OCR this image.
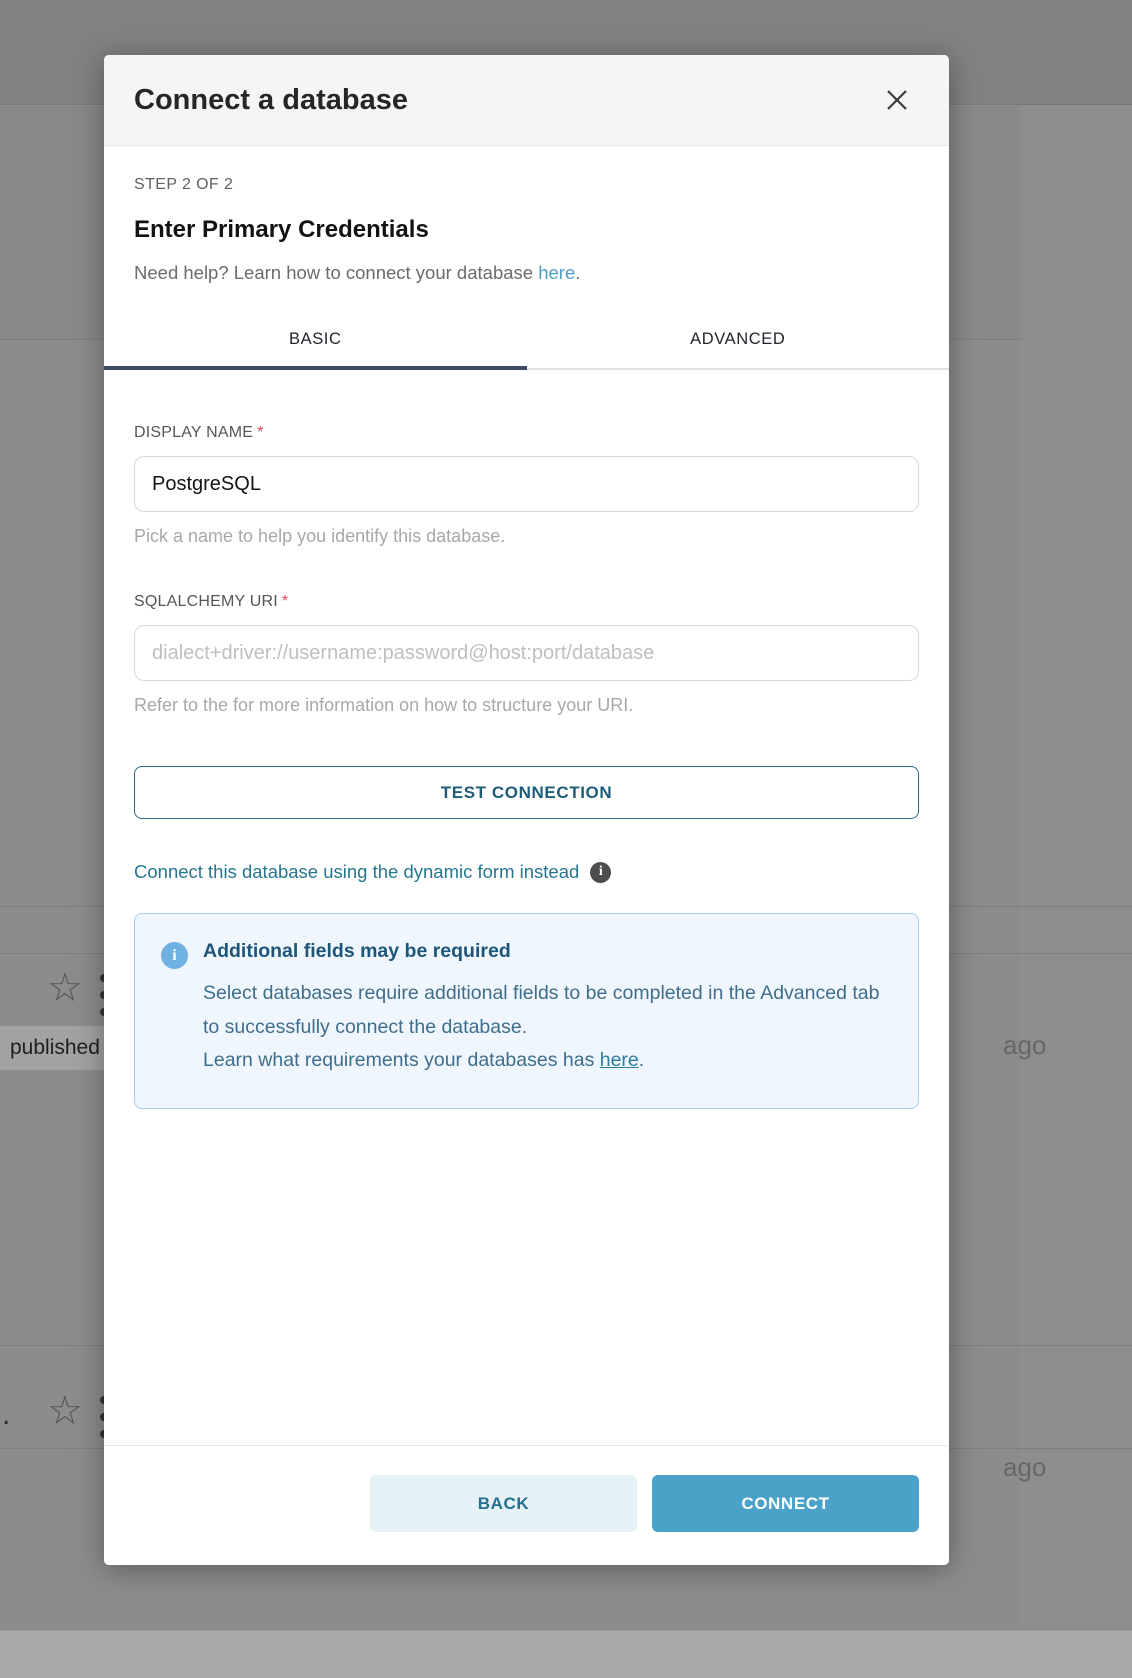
☆
published	ago
. ☆
ago
Connect a database
STEP 2 OF 2
Enter Primary Credentials
Need help? Learn how to connect your database here.
BASIC	ADVANCED
DISPLAY NAME *
PostgreSQL
Pick a name to help you identify this database.
SQLALCHEMY URI *
dialect+driver://username:password@host:port/database
Refer to the for more information on how to structure your URI.
TEST CONNECTION
Connect this database using the dynamic form instead	i
i	Additional fields may be required
Select databases require additional fields to be completed in the Advanced tab to successfully connect the database.
Learn what requirements your databases has here.
BACK	CONNECT
